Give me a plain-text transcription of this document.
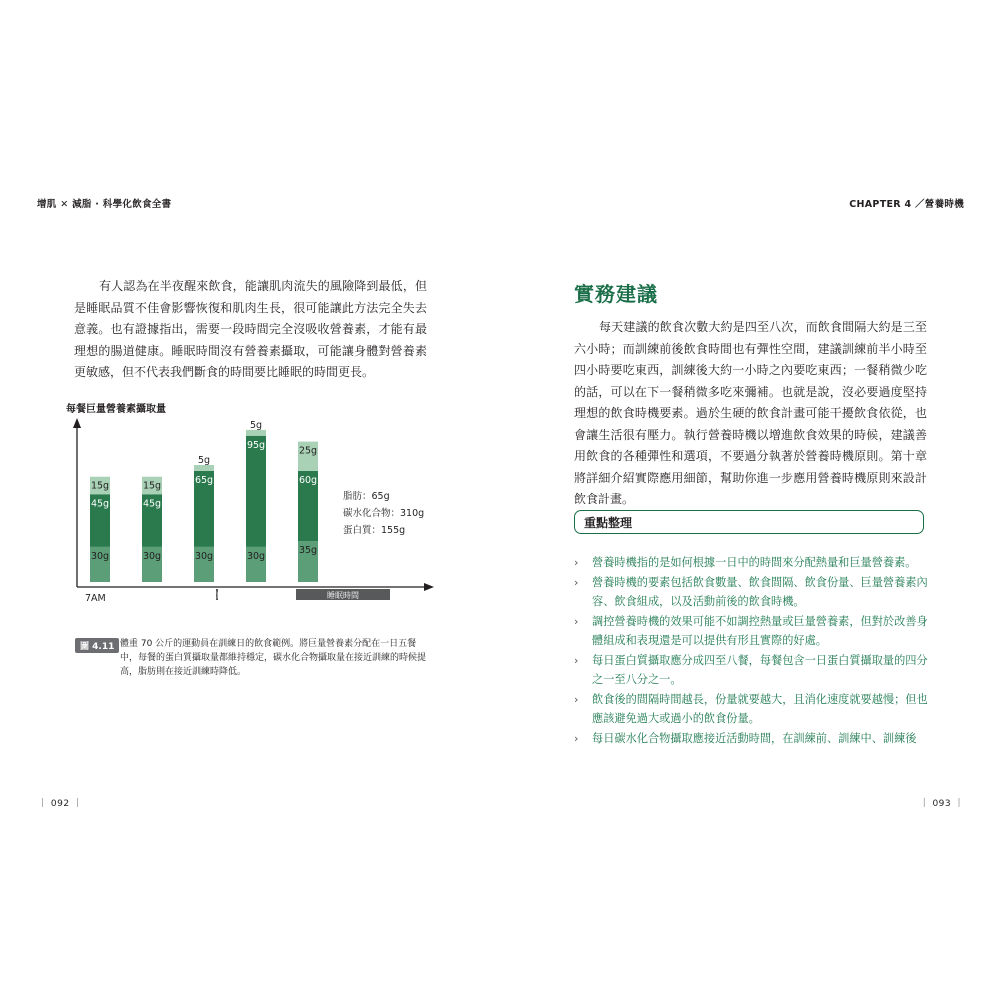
增肌 ✕ 減脂 · 科學化飲食全書	CHAPTER 4 ／營養時機

有人認為在半夜醒來飲食，能讓肌肉流失的風險降到最低，但是睡眠品質不佳會影響恢復和肌肉生長，很可能讓此方法完全失去意義。也有證據指出，需要一段時間完全沒吸收營養素，才能有最理想的腸道健康。睡眠時間沒有營養素攝取，可能讓身體對營養素更敏感，但不代表我們斷食的時間要比睡眠的時間更長。

每餐巨量營養素攝取量
7AM	訓練時間	睡眠時間
30g
45g
15g
30g
45g
15g
30g
65g
5g
30g
95g
5g
35g
60g
25g
脂肪：65g
碳水化合物：310g
蛋白質：155g
圖 4.11 體重 70 公斤的運動員在訓練日的飲食範例。將巨量營養素分配在一日五餐中，每餐的蛋白質攝取量都維持穩定，碳水化合物攝取量在接近訓練的時候提高，脂肪則在接近訓練時降低。

｜ 092 ｜
實務建議

每天建議的飲食次數大約是四至八次，而飲食間隔大約是三至六小時；而訓練前後飲食時間也有彈性空間，建議訓練前半小時至四小時要吃東西，訓練後大約一小時之內要吃東西；一餐稍微少吃的話，可以在下一餐稍微多吃來彌補。也就是說，沒必要過度堅持理想的飲食時機要素。過於生硬的飲食計畫可能干擾飲食依從，也會讓生活很有壓力。執行營養時機以增進飲食效果的時候，建議善用飲食的各種彈性和選項，不要過分執著於營養時機原則。第十章將詳細介紹實際應用細節，幫助你進一步應用營養時機原則來設計飲食計畫。

重點整理
› 營養時機指的是如何根據一日中的時間來分配熱量和巨量營養素。
› 營養時機的要素包括飲食數量、飲食間隔、飲食份量、巨量營養素內容、飲食組成，以及活動前後的飲食時機。
› 調控營養時機的效果可能不如調控熱量或巨量營養素，但對於改善身體組成和表現還是可以提供有形且實際的好處。
› 每日蛋白質攝取應分成四至八餐，每餐包含一日蛋白質攝取量的四分之一至八分之一。
› 飲食後的間隔時間越長，份量就要越大，且消化速度就要越慢；但也應該避免過大或過小的飲食份量。
› 每日碳水化合物攝取應接近活動時間，在訓練前、訓練中、訓練後
｜ 093 ｜
